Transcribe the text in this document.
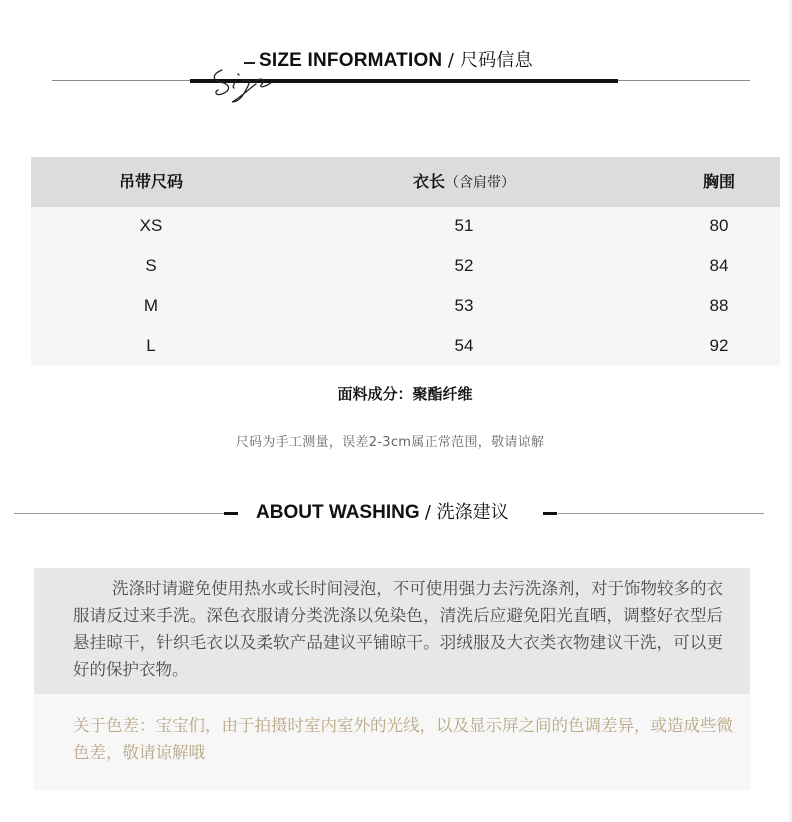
SIZE INFORMATION / 尺码信息
吊带尺码	衣长（含肩带）	胸围
XS	51	80
S	52	84
M	53	88
L	54	92
面料成分：聚酯纤维
尺码为手工测量，误差2-3cm属正常范围，敬请谅解
ABOUT WASHING / 洗涤建议
洗涤时请避免使用热水或长时间浸泡，不可使用强力去污洗涤剂，对于饰物较多的衣服请反过来手洗。深色衣服请分类洗涤以免染色，清洗后应避免阳光直晒，调整好衣型后悬挂晾干，针织毛衣以及柔软产品建议平铺晾干。羽绒服及大衣类衣物建议干洗，可以更好的保护衣物。
关于色差：宝宝们，由于拍摄时室内室外的光线，以及显示屏之间的色调差异，或造成些微色差，敬请谅解哦
